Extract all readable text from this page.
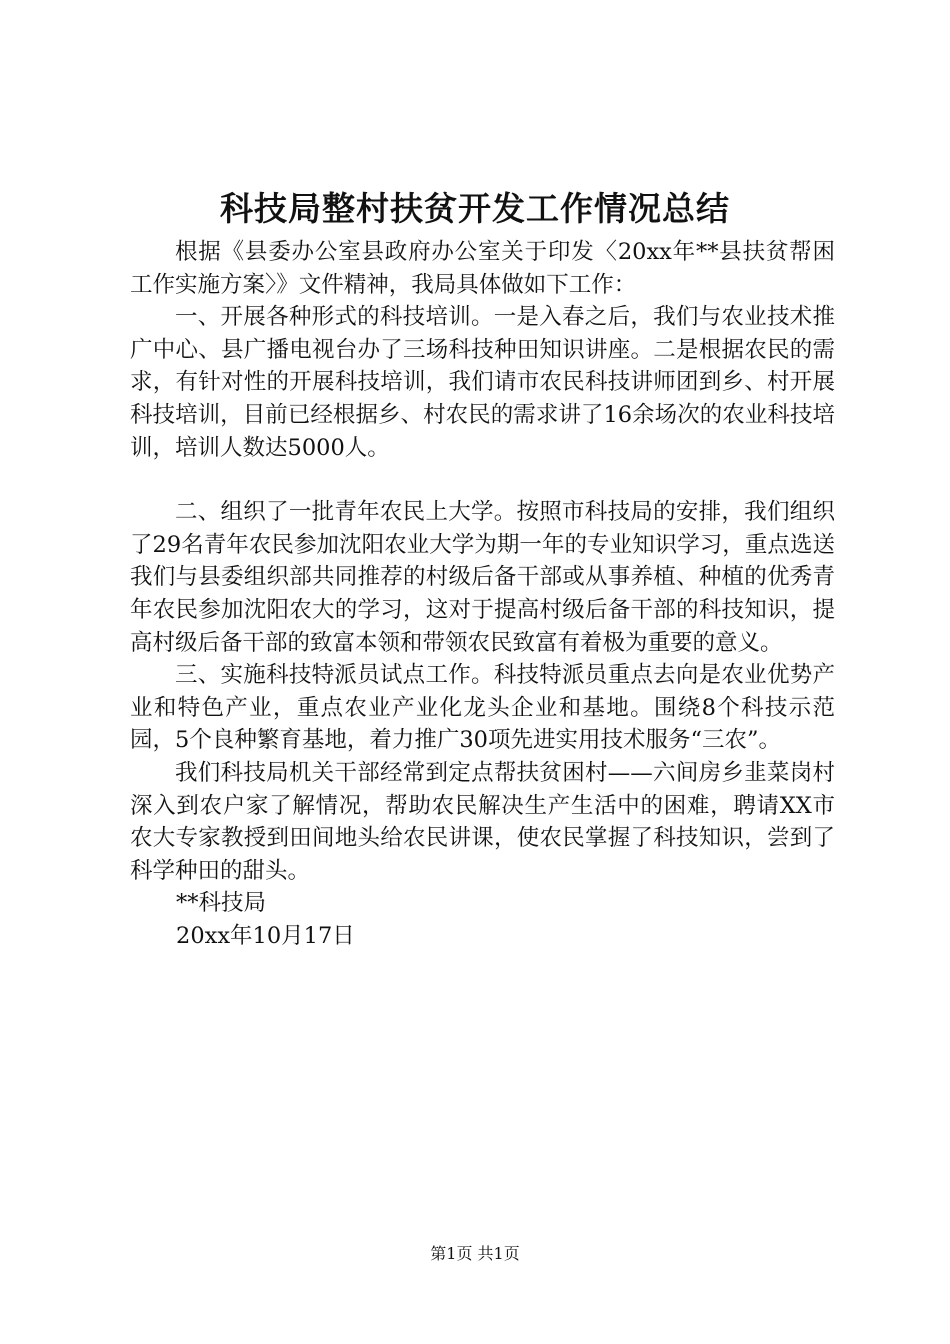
科技局整村扶贫开发工作情况总结

根据《县委办公室县政府办公室关于印发〈20xx年**县扶贫帮困工作实施方案〉》文件精神，我局具体做如下工作：

一、开展各种形式的科技培训。一是入春之后，我们与农业技术推广中心、县广播电视台办了三场科技种田知识讲座。二是根据农民的需求，有针对性的开展科技培训，我们请市农民科技讲师团到乡、村开展科技培训，目前已经根据乡、村农民的需求讲了16余场次的农业科技培训，培训人数达5000人。

二、组织了一批青年农民上大学。按照市科技局的安排，我们组织了29名青年农民参加沈阳农业大学为期一年的专业知识学习，重点选送我们与县委组织部共同推荐的村级后备干部或从事养植、种植的优秀青年农民参加沈阳农大的学习，这对于提高村级后备干部的科技知识，提高村级后备干部的致富本领和带领农民致富有着极为重要的意义。

三、实施科技特派员试点工作。科技特派员重点去向是农业优势产业和特色产业，重点农业产业化龙头企业和基地。围绕8个科技示范园，5个良种繁育基地，着力推广30项先进实用技术服务“三农”。

我们科技局机关干部经常到定点帮扶贫困村——六间房乡韭菜岗村深入到农户家了解情况，帮助农民解决生产生活中的困难，聘请XX市农大专家教授到田间地头给农民讲课，使农民掌握了科技知识，尝到了科学种田的甜头。

**科技局
20xx年10月17日
第1页 共1页
